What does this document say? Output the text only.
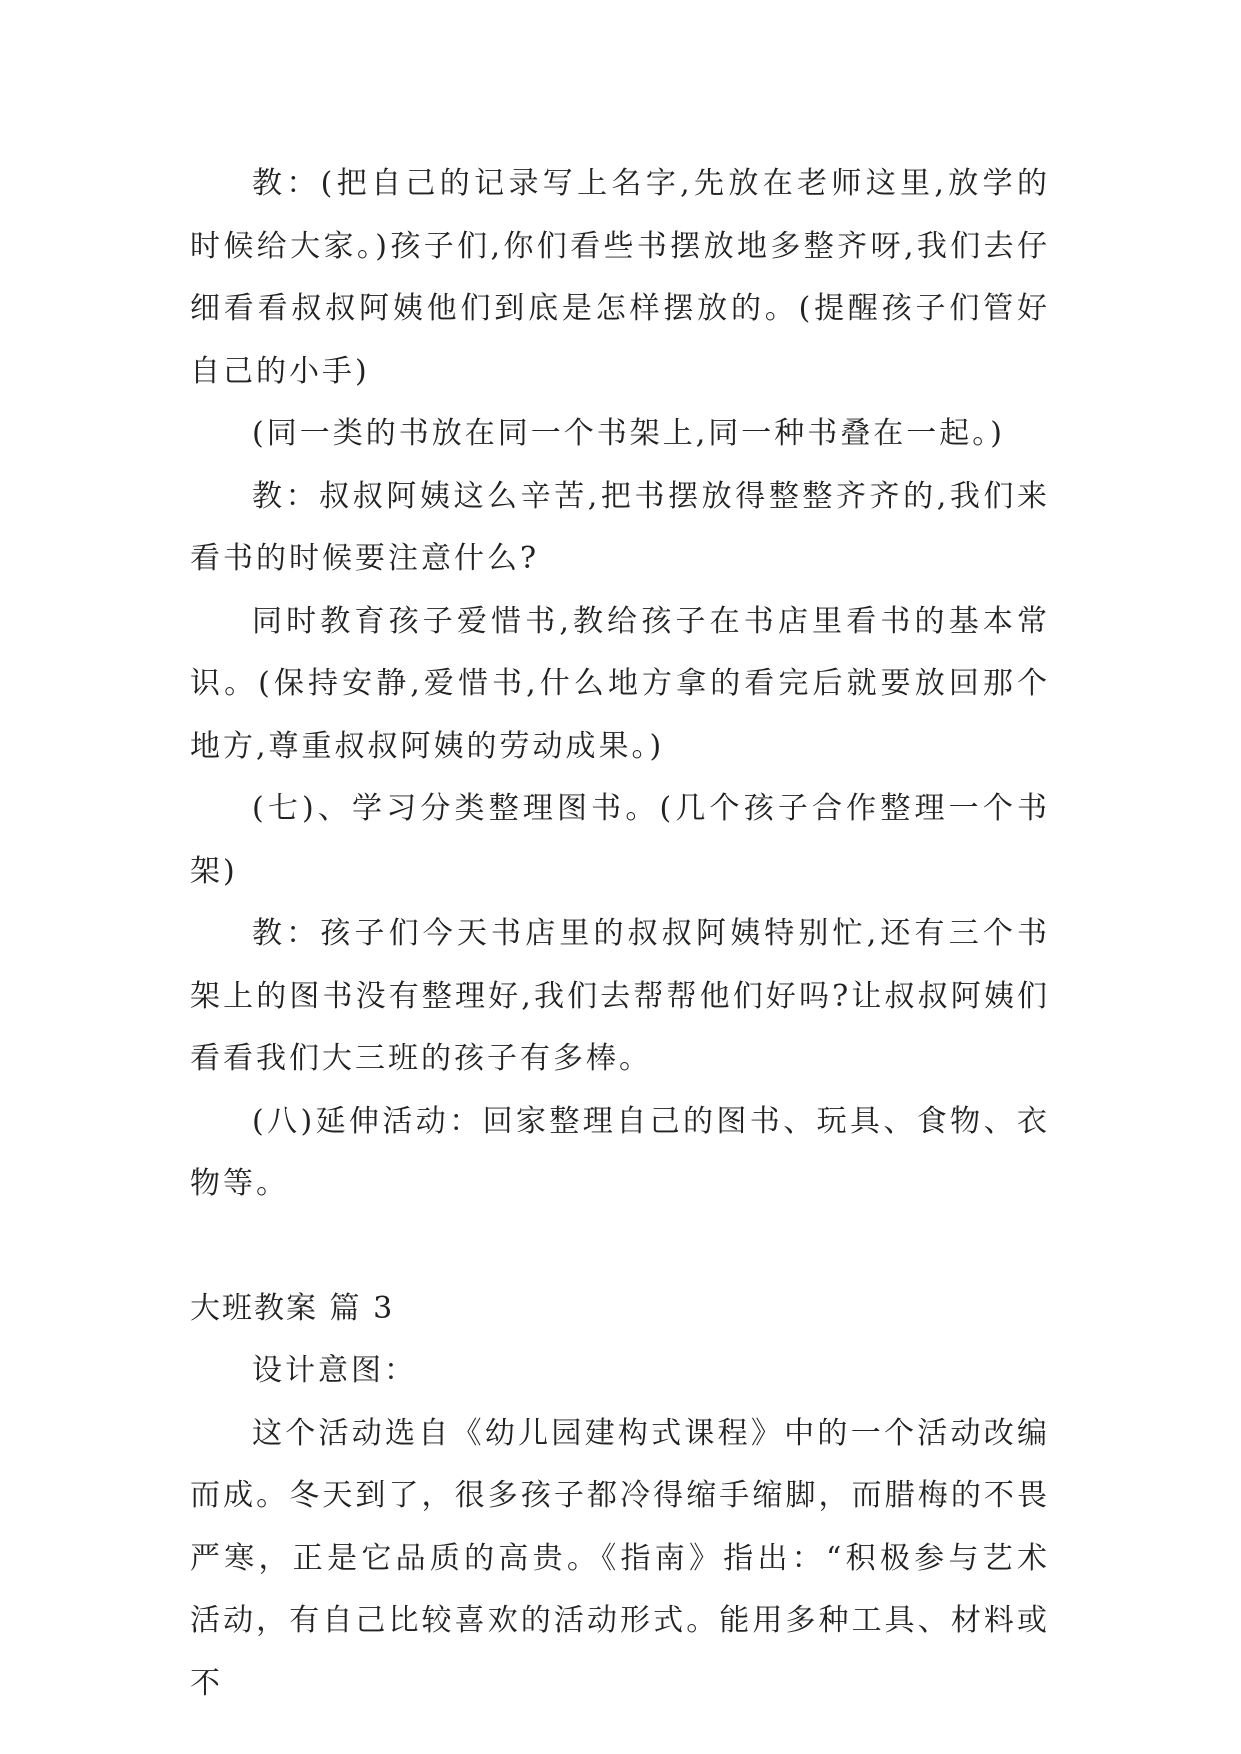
教：(把自己的记录写上名字,先放在老师这里,放学的时候给大家。)孩子们,你们看些书摆放地多整齐呀,我们去仔细看看叔叔阿姨他们到底是怎样摆放的。(提醒孩子们管好自己的小手)

(同一类的书放在同一个书架上,同一种书叠在一起。)

教：叔叔阿姨这么辛苦,把书摆放得整整齐齐的,我们来看书的时候要注意什么?

同时教育孩子爱惜书,教给孩子在书店里看书的基本常识。(保持安静,爱惜书,什么地方拿的看完后就要放回那个地方,尊重叔叔阿姨的劳动成果。)

(七)、学习分类整理图书。(几个孩子合作整理一个书架)

教：孩子们今天书店里的叔叔阿姨特别忙,还有三个书架上的图书没有整理好,我们去帮帮他们好吗?让叔叔阿姨们看看我们大三班的孩子有多棒。

(八)延伸活动：回家整理自己的图书、玩具、食物、衣物等。

大班教案 篇 3

设计意图：

这个活动选自《幼儿园建构式课程》中的一个活动改编而成。冬天到了，很多孩子都冷得缩手缩脚，而腊梅的不畏严寒，正是它品质的高贵。《指南》指出：“积极参与艺术活动，有自己比较喜欢的活动形式。能用多种工具、材料或不
